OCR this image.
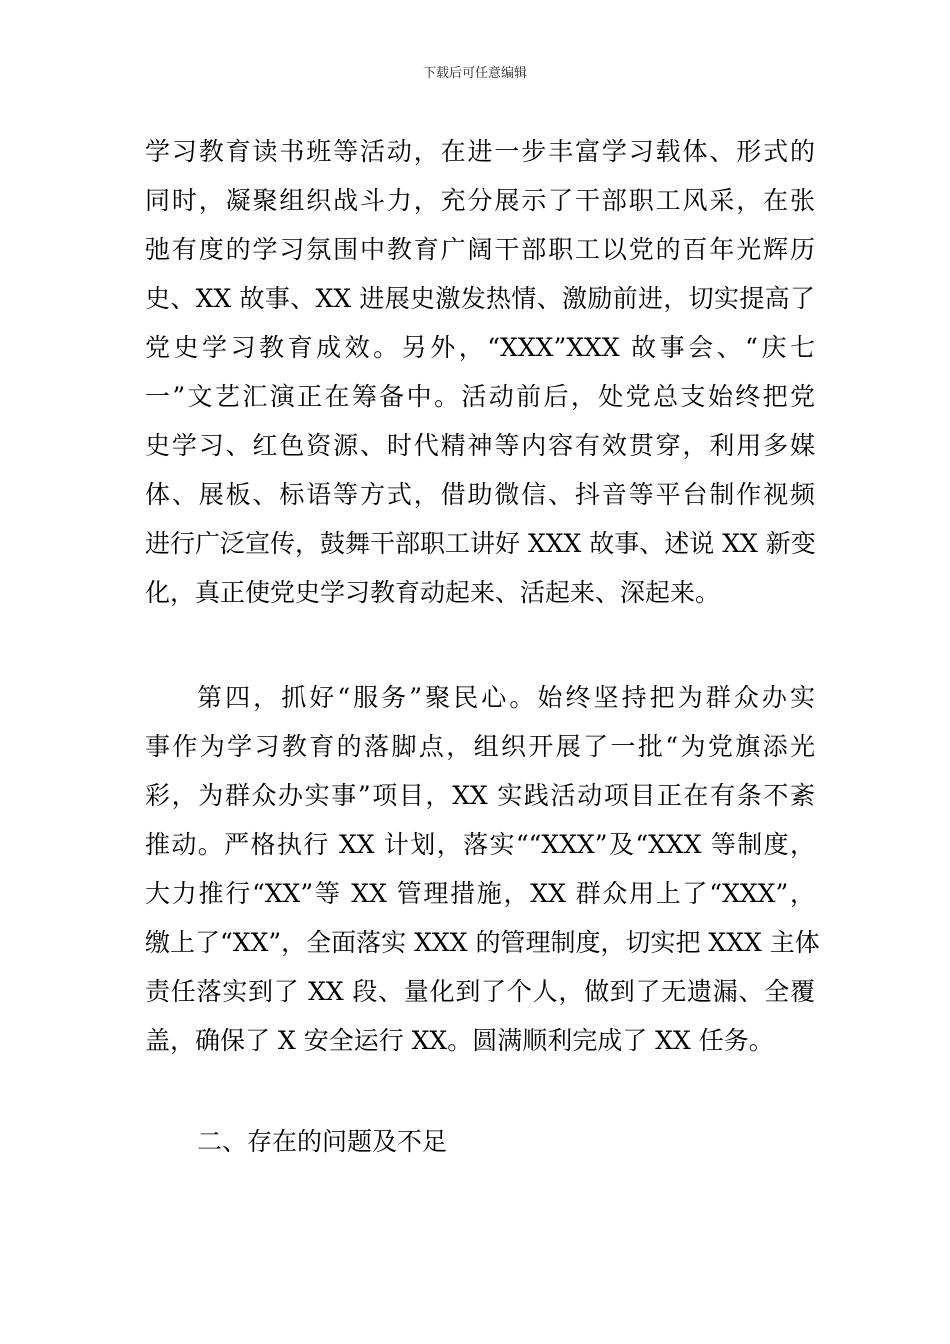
下载后可任意编辑
学习教育读书班等活动，在进一步丰富学习载体、形式的
同时，凝聚组织战斗力，充分展示了干部职工风采，在张
弛有度的学习氛围中教育广阔干部职工以党的百年光辉历
史、XX 故事、XX 进展史激发热情、激励前进，切实提高了
党史学习教育成效。另外，“XXX”XXX 故事会、“庆七
一”文艺汇演正在筹备中。活动前后，处党总支始终把党
史学习、红色资源、时代精神等内容有效贯穿，利用多媒
体、展板、标语等方式，借助微信、抖音等平台制作视频
进行广泛宣传，鼓舞干部职工讲好 XXX 故事、述说 XX 新变
化，真正使党史学习教育动起来、活起来、深起来。
第四，抓好“服务”聚民心。始终坚持把为群众办实
事作为学习教育的落脚点，组织开展了一批“为党旗添光
彩，为群众办实事”项目，XX 实践活动项目正在有条不紊
推动。严格执行 XX 计划，落实““XXX”及“XXX 等制度，
大力推行“XX”等 XX 管理措施，XX 群众用上了“XXX”，
缴上了“XX”，全面落实 XXX 的管理制度，切实把 XXX 主体
责任落实到了 XX 段、量化到了个人，做到了无遗漏、全覆
盖，确保了 X 安全运行 XX。圆满顺利完成了 XX 任务。
二、存在的问题及不足
